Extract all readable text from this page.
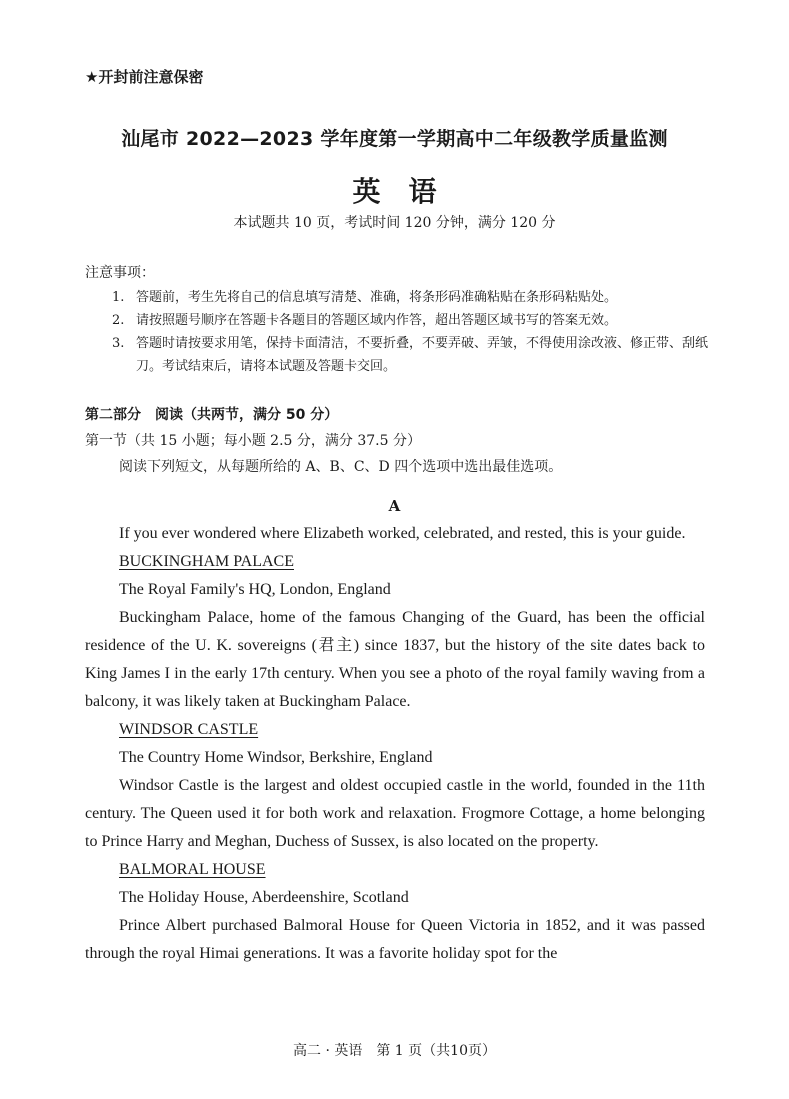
★开封前注意保密
汕尾市 2022—2023 学年度第一学期高中二年级教学质量监测
英语
本试题共 10 页，考试时间 120 分钟，满分 120 分
注意事项：
1. 答题前，考生先将自己的信息填写清楚、准确，将条形码准确粘贴在条形码粘贴处。
2. 请按照题号顺序在答题卡各题目的答题区域内作答，超出答题区域书写的答案无效。
3. 答题时请按要求用笔，保持卡面清洁，不要折叠，不要弄破、弄皱，不得使用涂改液、修正带、刮纸刀。考试结束后，请将本试题及答题卡交回。
第二部分　阅读（共两节，满分 50 分）
第一节（共 15 小题；每小题 2.5 分，满分 37.5 分）
阅读下列短文，从每题所给的 A、B、C、D 四个选项中选出最佳选项。
A

If you ever wondered where Elizabeth worked, celebrated, and rested, this is your guide.

BUCKINGHAM PALACE

The Royal Family's HQ, London, England

Buckingham Palace, home of the famous Changing of the Guard, has been the official residence of the U. K. sovereigns (君主) since 1837, but the history of the site dates back to King James I in the early 17th century. When you see a photo of the royal family waving from a balcony, it was likely taken at Buckingham Palace.

WINDSOR CASTLE

The Country Home Windsor, Berkshire, England

Windsor Castle is the largest and oldest occupied castle in the world, founded in the 11th century. The Queen used it for both work and relaxation. Frogmore Cottage, a home belonging to Prince Harry and Meghan, Duchess of Sussex, is also located on the property.

BALMORAL HOUSE

The Holiday House, Aberdeenshire, Scotland

Prince Albert purchased Balmoral House for Queen Victoria in 1852, and it was passed through the royal Himai generations. It was a favorite holiday spot for the

高二 · 英语　第 1 页（共10页）
